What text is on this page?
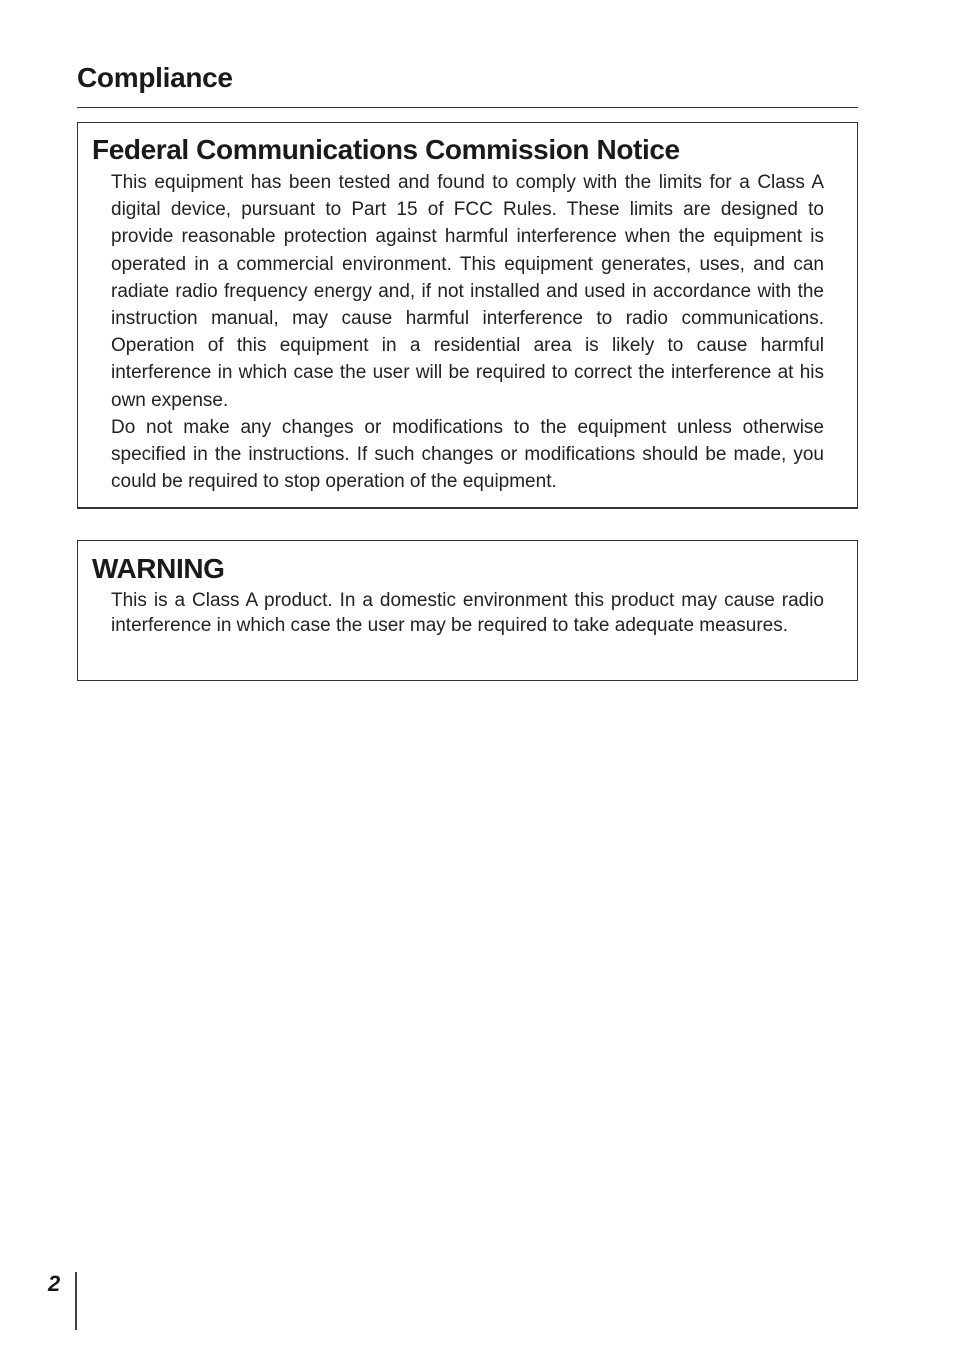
Compliance
Federal Communications Commission Notice

This equipment has been tested and found to comply with the limits for a Class A digital device, pursuant to Part 15 of FCC Rules. These limits are designed to provide reasonable protection against harmful interference when the equipment is operated in a commercial environment. This equipment generates, uses, and can radiate radio frequency energy and, if not installed and used in accordance with the instruction manual, may cause harmful interference to radio communications. Operation of this equipment in a residential area is likely to cause harmful interference in which case the user will be required to correct the interference at his own expense.

Do not make any changes or modifications to the equipment unless otherwise specified in the instructions. If such changes or modifications should be made, you could be required to stop operation of the equipment.

WARNING

This is a Class A product. In a domestic environment this product may cause radio interference in which case the user may be required to take adequate measures.

2
